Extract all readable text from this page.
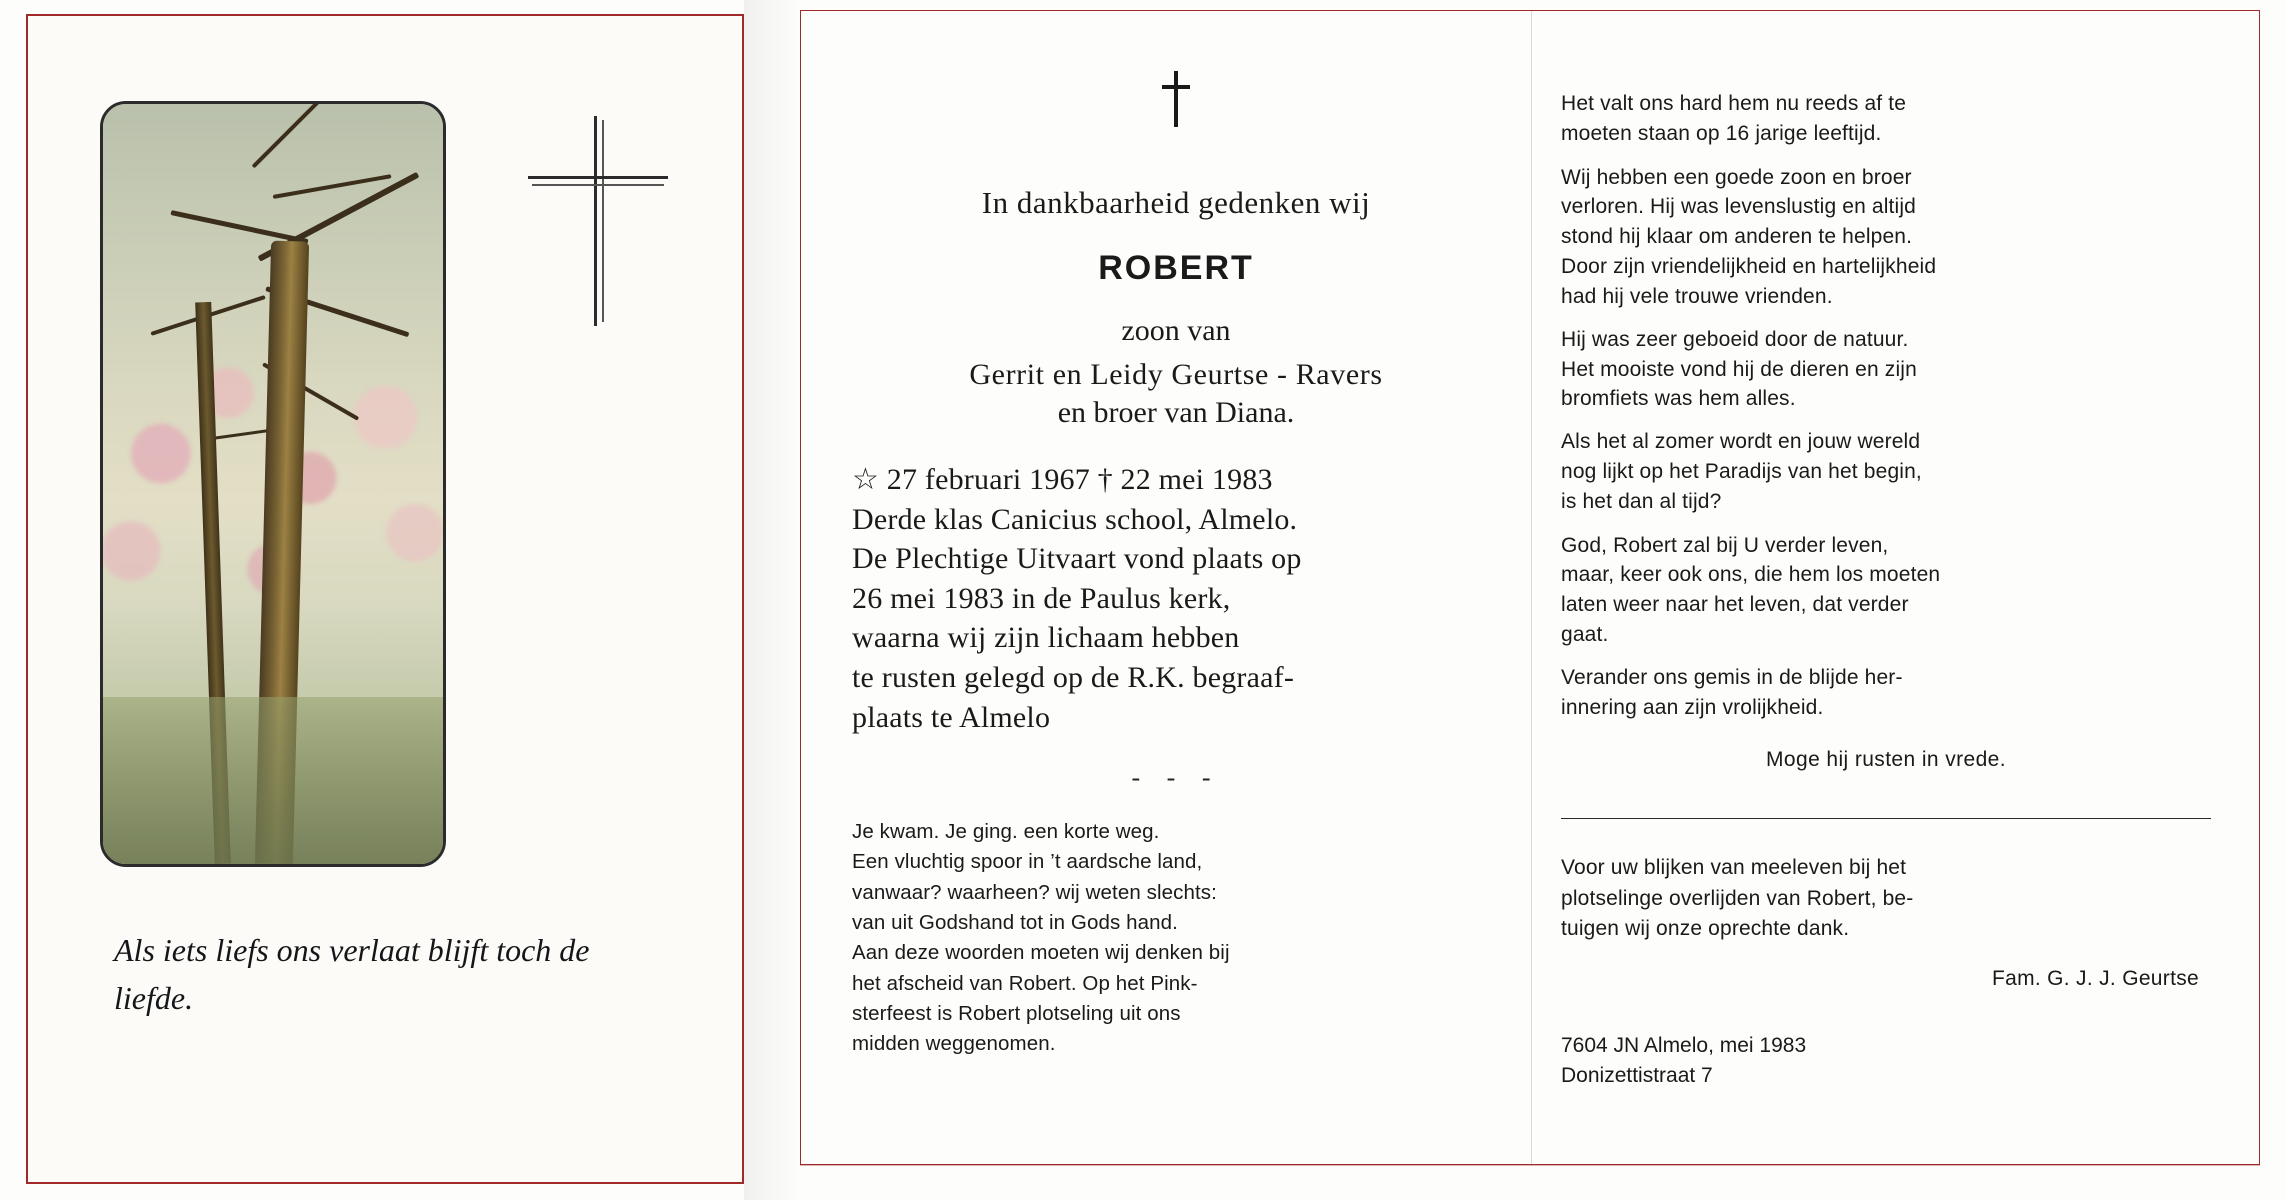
Als iets liefs ons verlaat blijft toch de liefde.
In dankbaarheid gedenken wij
ROBERT
zoon van
Gerrit en Leidy Geurtse - Ravers
en broer van Diana.
☆ 27 februari 1967 † 22 mei 1983
Derde klas Canicius school, Almelo.
De Plechtige Uitvaart vond plaats op
26 mei 1983 in de Paulus kerk,
waarna wij zijn lichaam hebben
te rusten gelegd op de R.K. begraaf-
plaats te Almelo
- - -
Je kwam. Je ging. een korte weg.
Een vluchtig spoor in ’t aardsche land,
vanwaar? waarheen? wij weten slechts:
van uit Godshand tot in Gods hand.
Aan deze woorden moeten wij denken bij
het afscheid van Robert. Op het Pink-
sterfeest is Robert plotseling uit ons
midden weggenomen.
Het valt ons hard hem nu reeds af te
moeten staan op 16 jarige leeftijd.
Wij hebben een goede zoon en broer
verloren. Hij was levenslustig en altijd
stond hij klaar om anderen te helpen.
Door zijn vriendelijkheid en hartelijkheid
had hij vele trouwe vrienden.
Hij was zeer geboeid door de natuur.
Het mooiste vond hij de dieren en zijn
bromfiets was hem alles.
Als het al zomer wordt en jouw wereld
nog lijkt op het Paradijs van het begin,
is het dan al tijd?
God, Robert zal bij U verder leven,
maar, keer ook ons, die hem los moeten
laten weer naar het leven, dat verder
gaat.
Verander ons gemis in de blijde her-
innering aan zijn vrolijkheid.
Moge hij rusten in vrede.
Voor uw blijken van meeleven bij het
plotselinge overlijden van Robert, be-
tuigen wij onze oprechte dank.
Fam. G. J. J. Geurtse
7604 JN Almelo, mei 1983
Donizettistraat 7
